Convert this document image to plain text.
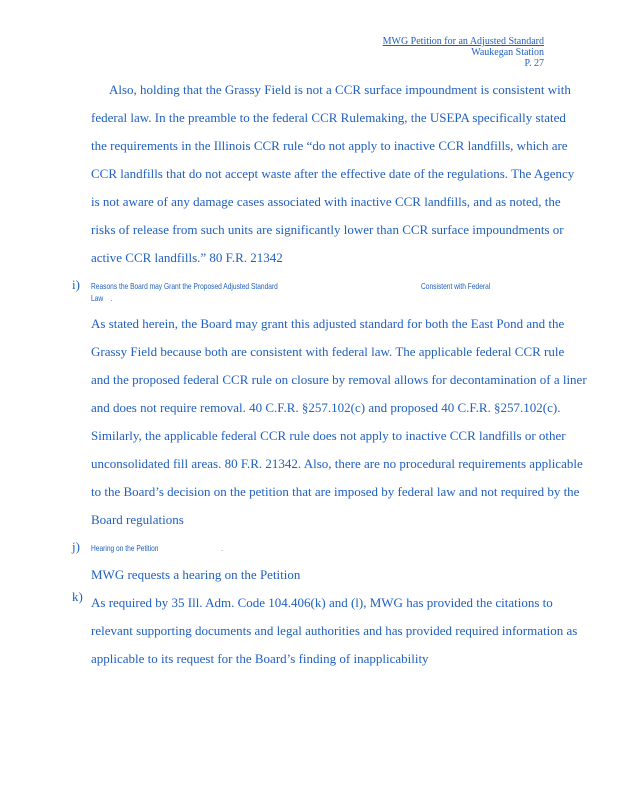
MWG Petition for an Adjusted Standard
Waukegan Station
P. 27
Also, holding that the Grassy Field is not a CCR surface impoundment is consistent with
federal law. In the preamble to the federal CCR Rulemaking, the USEPA specifically stated
the requirements in the Illinois CCR rule “do not apply to inactive CCR landfills, which are
CCR landfills that do not accept waste after the effective date of the regulations. The Agency
is not aware of any damage cases associated with inactive CCR landfills, and as noted, the
risks of release from such units are significantly lower than CCR surface impoundments or
active CCR landfills.” 80 F.R. 21342
i) Reasons the Board may Grant the Proposed Adjusted Standard	Consistent with Federal
Law    .
As stated herein, the Board may grant this adjusted standard for both the East Pond and the
Grassy Field because both are consistent with federal law. The applicable federal CCR rule
and the proposed federal CCR rule on closure by removal allows for decontamination of a liner
and does not require removal. 40 C.F.R. §257.102(c) and proposed 40 C.F.R. §257.102(c).
Similarly, the applicable federal CCR rule does not apply to inactive CCR landfills or other
unconsolidated fill areas. 80 F.R. 21342. Also, there are no procedural requirements applicable
to the Board’s decision on the petition that are imposed by federal law and not required by the
Board regulations
j) Hearing on the Petition                                  .
MWG requests a hearing on the Petition
k) As required by 35 Ill. Adm. Code 104.406(k) and (l), MWG has provided the citations to
relevant supporting documents and legal authorities and has provided required information as
applicable to its request for the Board’s finding of inapplicability
